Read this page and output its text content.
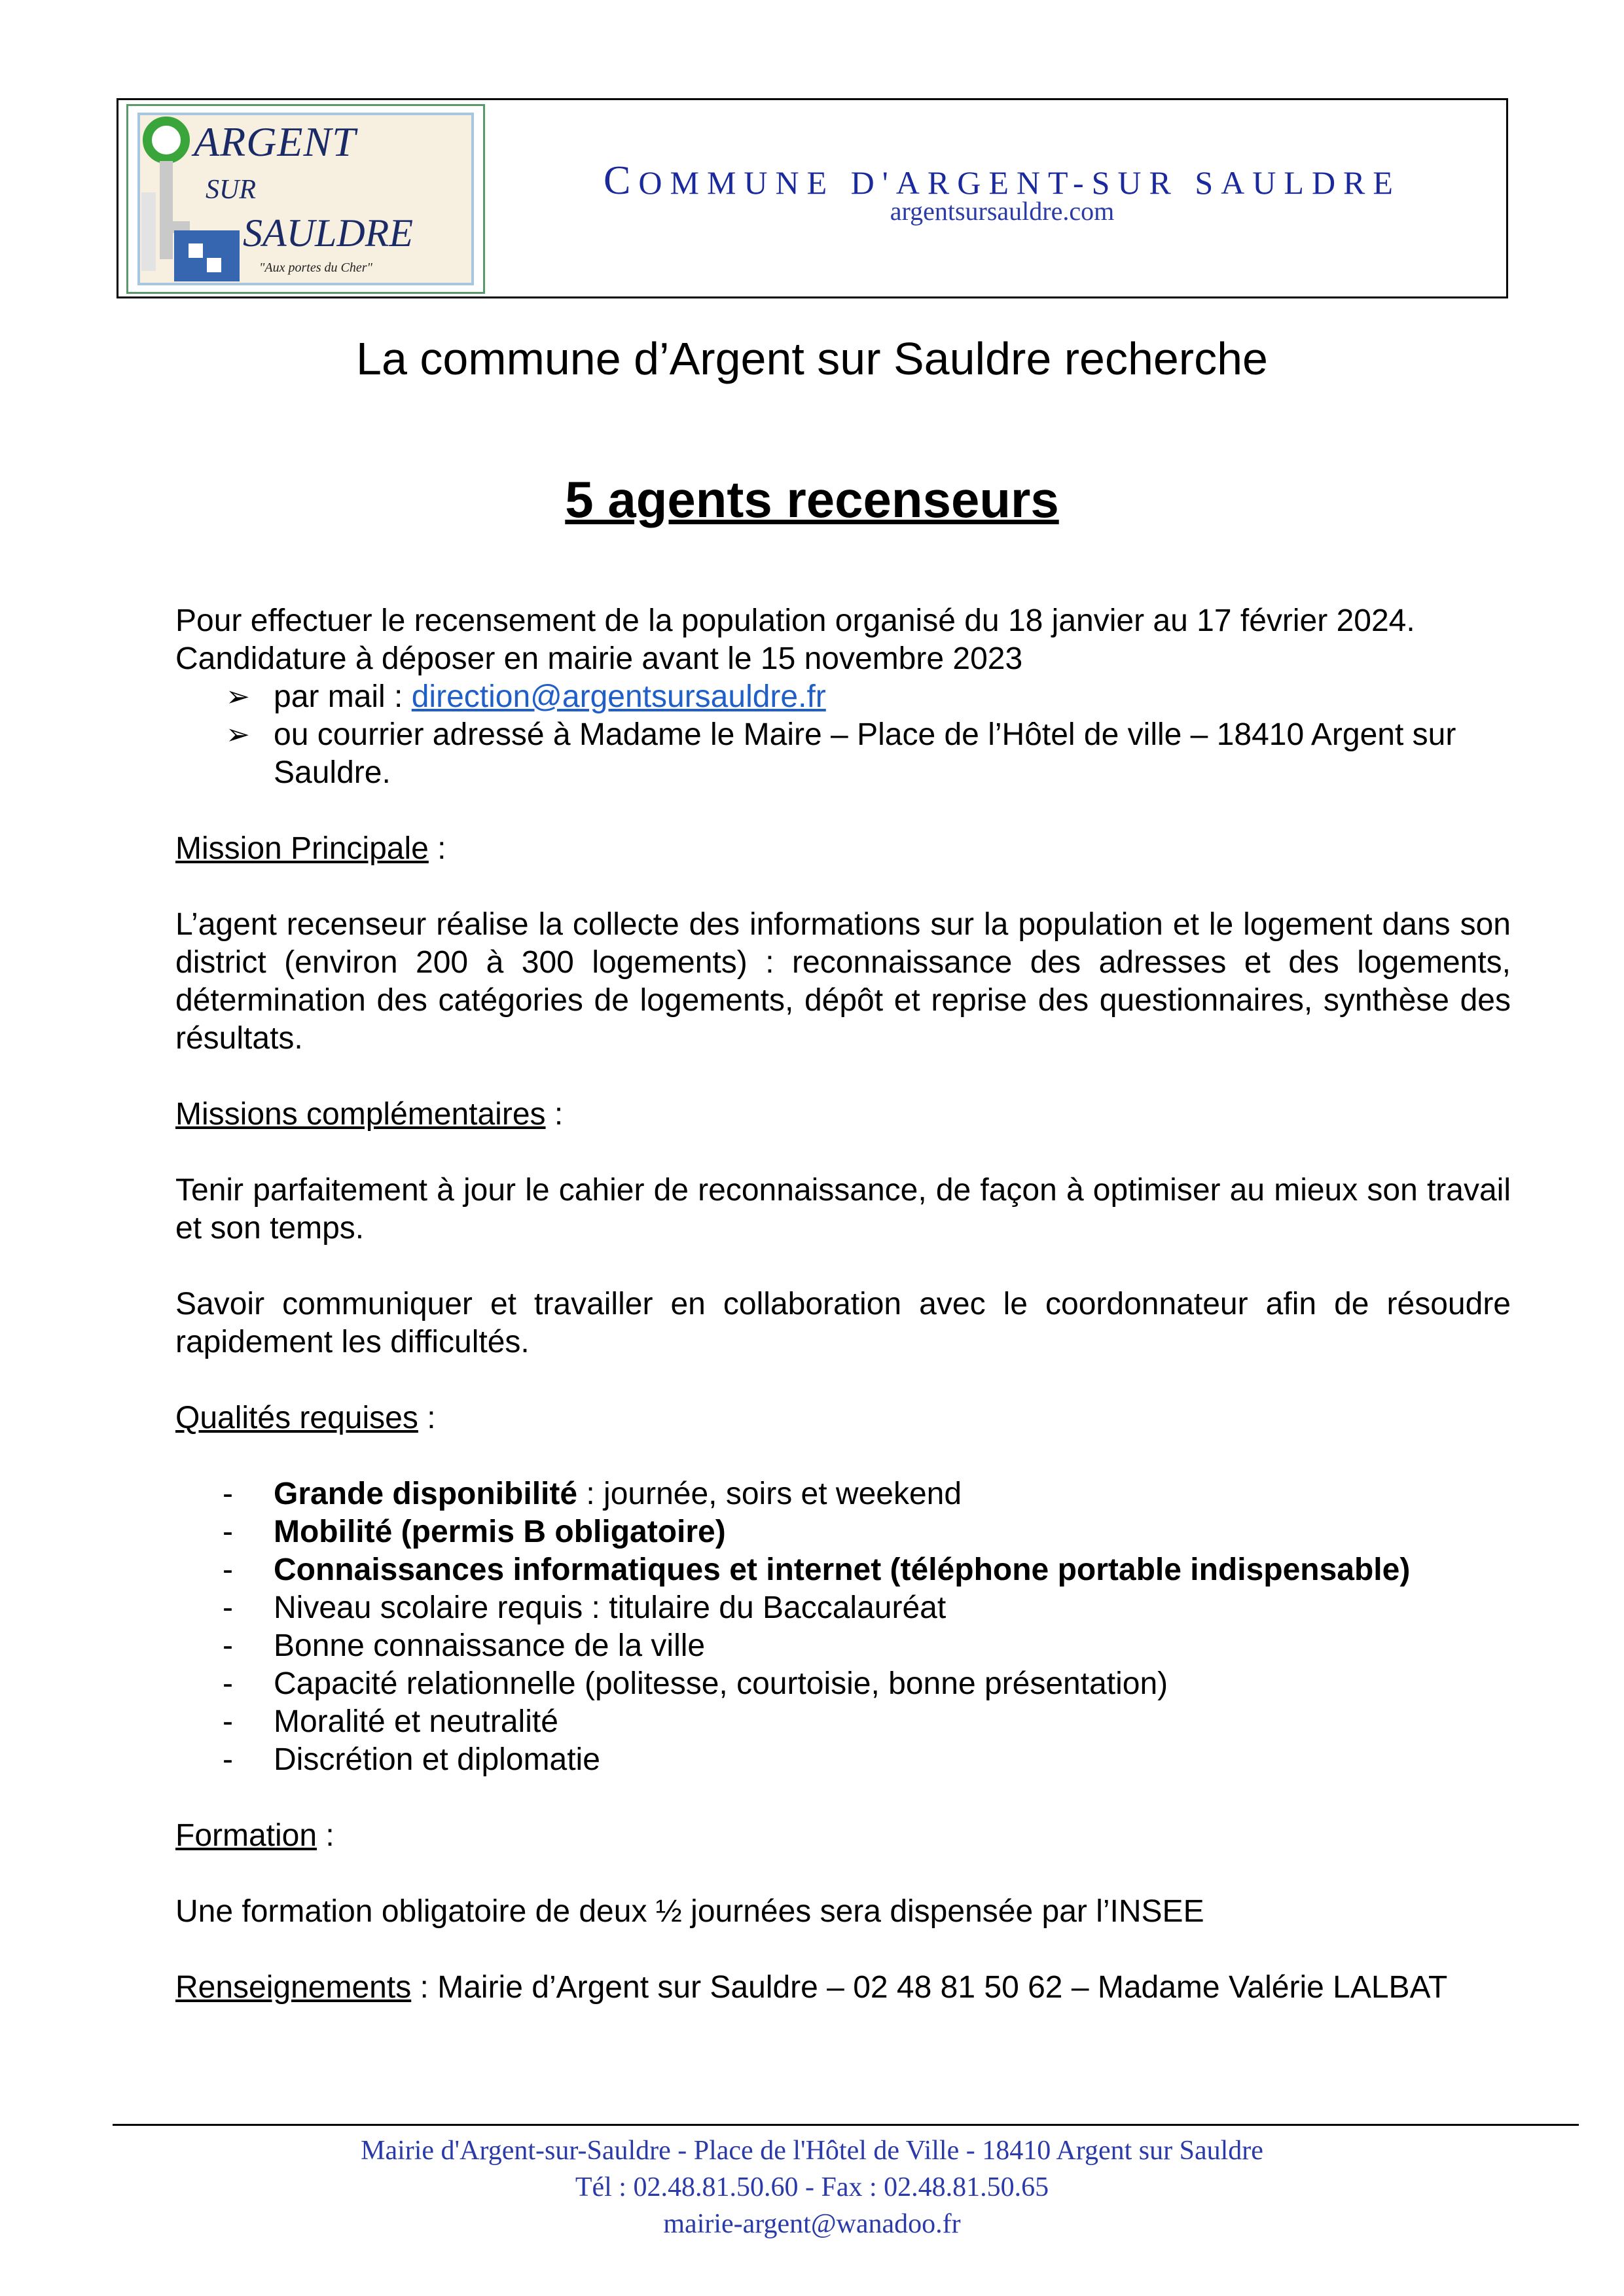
ARGENT
SUR
SAULDRE
"Aux portes du Cher"
COMMUNE D'ARGENT-SUR SAULDRE
argentsursauldre.com
La commune d’Argent sur Sauldre recherche
5 agents recenseurs
Pour effectuer le recensement de la population organisé du 18 janvier au 17 février 2024.
Candidature à déposer en mairie avant le 15 novembre 2023
➢ par mail : direction@argentsursauldre.fr
➢ ou courrier adressé à Madame le Maire – Place de l’Hôtel de ville – 18410 Argent sur
Sauldre.
Mission Principale :
L’agent recenseur réalise la collecte des informations sur la population et le logement dans son district (environ 200 à 300 logements) : reconnaissance des adresses et des logements, détermination des catégories de logements, dépôt et reprise des questionnaires, synthèse des résultats.
Missions complémentaires :
Tenir parfaitement à jour le cahier de reconnaissance, de façon à optimiser au mieux son travail et son temps.
Savoir communiquer et travailler en collaboration avec le coordonnateur afin de résoudre rapidement les difficultés.
Qualités requises :
- Grande disponibilité : journée, soirs et weekend
- Mobilité (permis B obligatoire)
- Connaissances informatiques et internet (téléphone portable indispensable)
- Niveau scolaire requis : titulaire du Baccalauréat
- Bonne connaissance de la ville
- Capacité relationnelle (politesse, courtoisie, bonne présentation)
- Moralité et neutralité
- Discrétion et diplomatie
Formation :
Une formation obligatoire de deux ½ journées sera dispensée par l’INSEE
Renseignements : Mairie d’Argent sur Sauldre – 02 48 81 50 62 – Madame Valérie LALBAT
Mairie d'Argent-sur-Sauldre - Place de l'Hôtel de Ville - 18410 Argent sur Sauldre
Tél : 02.48.81.50.60 - Fax : 02.48.81.50.65
mairie-argent@wanadoo.fr
